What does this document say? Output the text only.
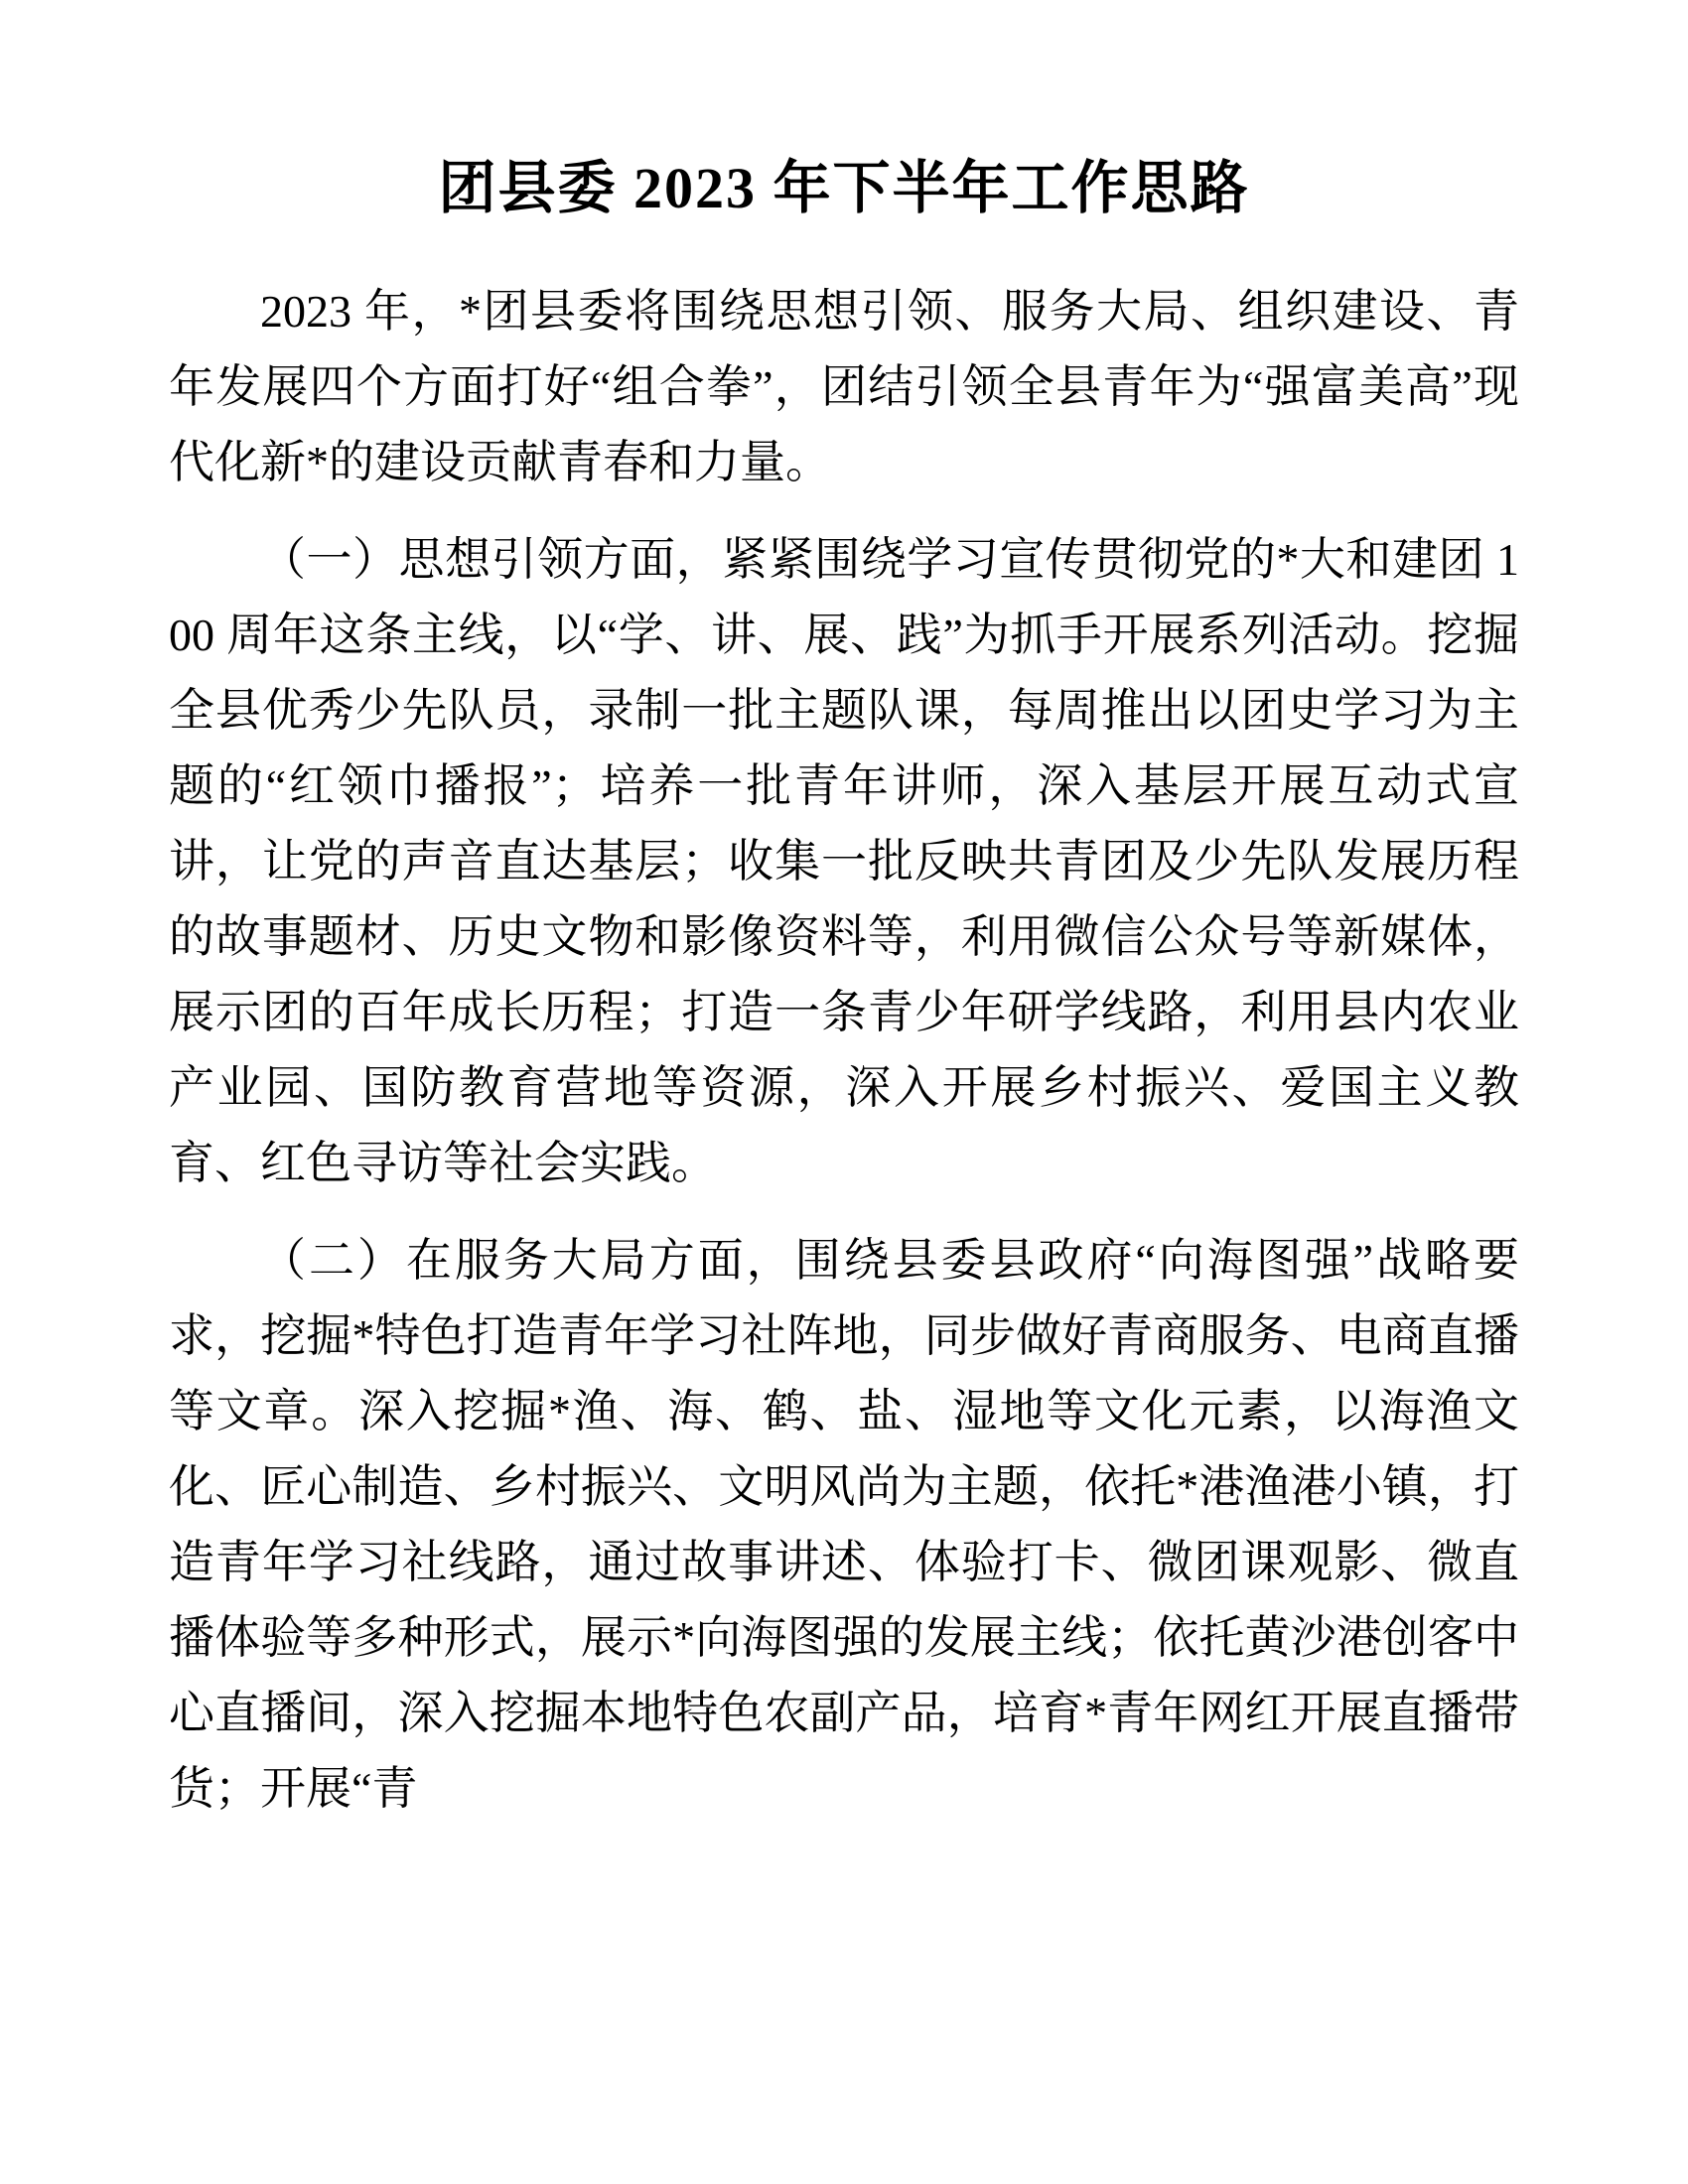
团县委 2023 年下半年工作思路

2023 年，*团县委将围绕思想引领、服务大局、组织建设、青年发展四个方面打好“组合拳”，团结引领全县青年为“强富美高”现代化新*的建设贡献青春和力量。

（一）思想引领方面，紧紧围绕学习宣传贯彻党的*大和建团 100 周年这条主线，以“学、讲、展、践”为抓手开展系列活动。挖掘全县优秀少先队员，录制一批主题队课，每周推出以团史学习为主题的“红领巾播报”；培养一批青年讲师，深入基层开展互动式宣讲，让党的声音直达基层；收集一批反映共青团及少先队发展历程的故事题材、历史文物和影像资料等，利用微信公众号等新媒体，展示团的百年成长历程；打造一条青少年研学线路，利用县内农业产业园、国防教育营地等资源，深入开展乡村振兴、爱国主义教育、红色寻访等社会实践。

（二）在服务大局方面，围绕县委县政府“向海图强”战略要求，挖掘*特色打造青年学习社阵地，同步做好青商服务、电商直播等文章。深入挖掘*渔、海、鹤、盐、湿地等文化元素，以海渔文化、匠心制造、乡村振兴、文明风尚为主题，依托*港渔港小镇，打造青年学习社线路，通过故事讲述、体验打卡、微团课观影、微直播体验等多种形式，展示*向海图强的发展主线；依托黄沙港创客中心直播间，深入挖掘本地特色农副产品，培育*青年网红开展直播带货；开展“青
